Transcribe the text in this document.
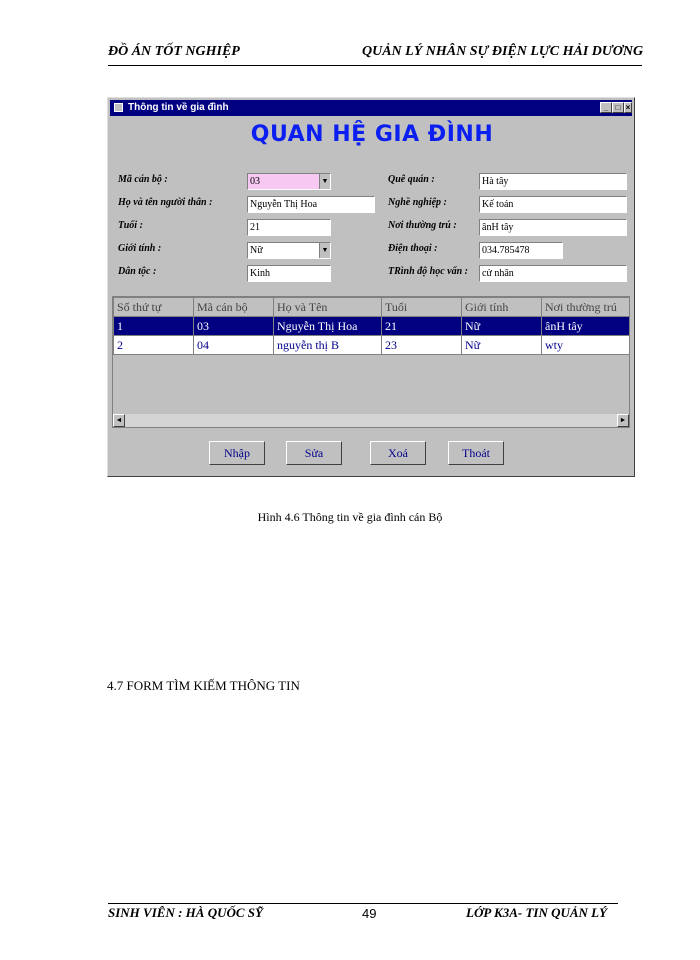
ĐỒ ÁN TỐT NGHIỆP	QUẢN LÝ NHÂN SỰ ĐIỆN LỰC HẢI DƯƠNG
Thông tin về gia đình	_ □ ×
QUAN HỆ GIA ĐÌNH
Mã cán bộ :	03	▼
Họ và tên người thân :	Nguyễn Thị Hoa
Tuổi :	21
Giới tính :	Nữ	▼
Dân tộc :	Kinh
Quê quán :	Hà tây
Nghề nghiệp :	Kế toán
Nơi thường trú :	ânH tây
Điện thoại :	034.785478
TRình độ học vấn :	cử nhân
Số thứ tự	Mã cán bộ	Họ và Tên	Tuổi	Giới tính	Nơi thường trú
1	03	Nguyễn Thị Hoa	21	Nữ	ânH tây
2	04	nguyễn thị B	23	Nữ	wty
◄	►
Nhập	Sửa	Xoá	Thoát
Hình 4.6 Thông tin về gia đình cán Bộ
4.7 FORM TÌM KIẾM THÔNG TIN
SINH VIÊN : HÀ QUỐC SỸ	49	LỚP K3A- TIN QUẢN LÝ
